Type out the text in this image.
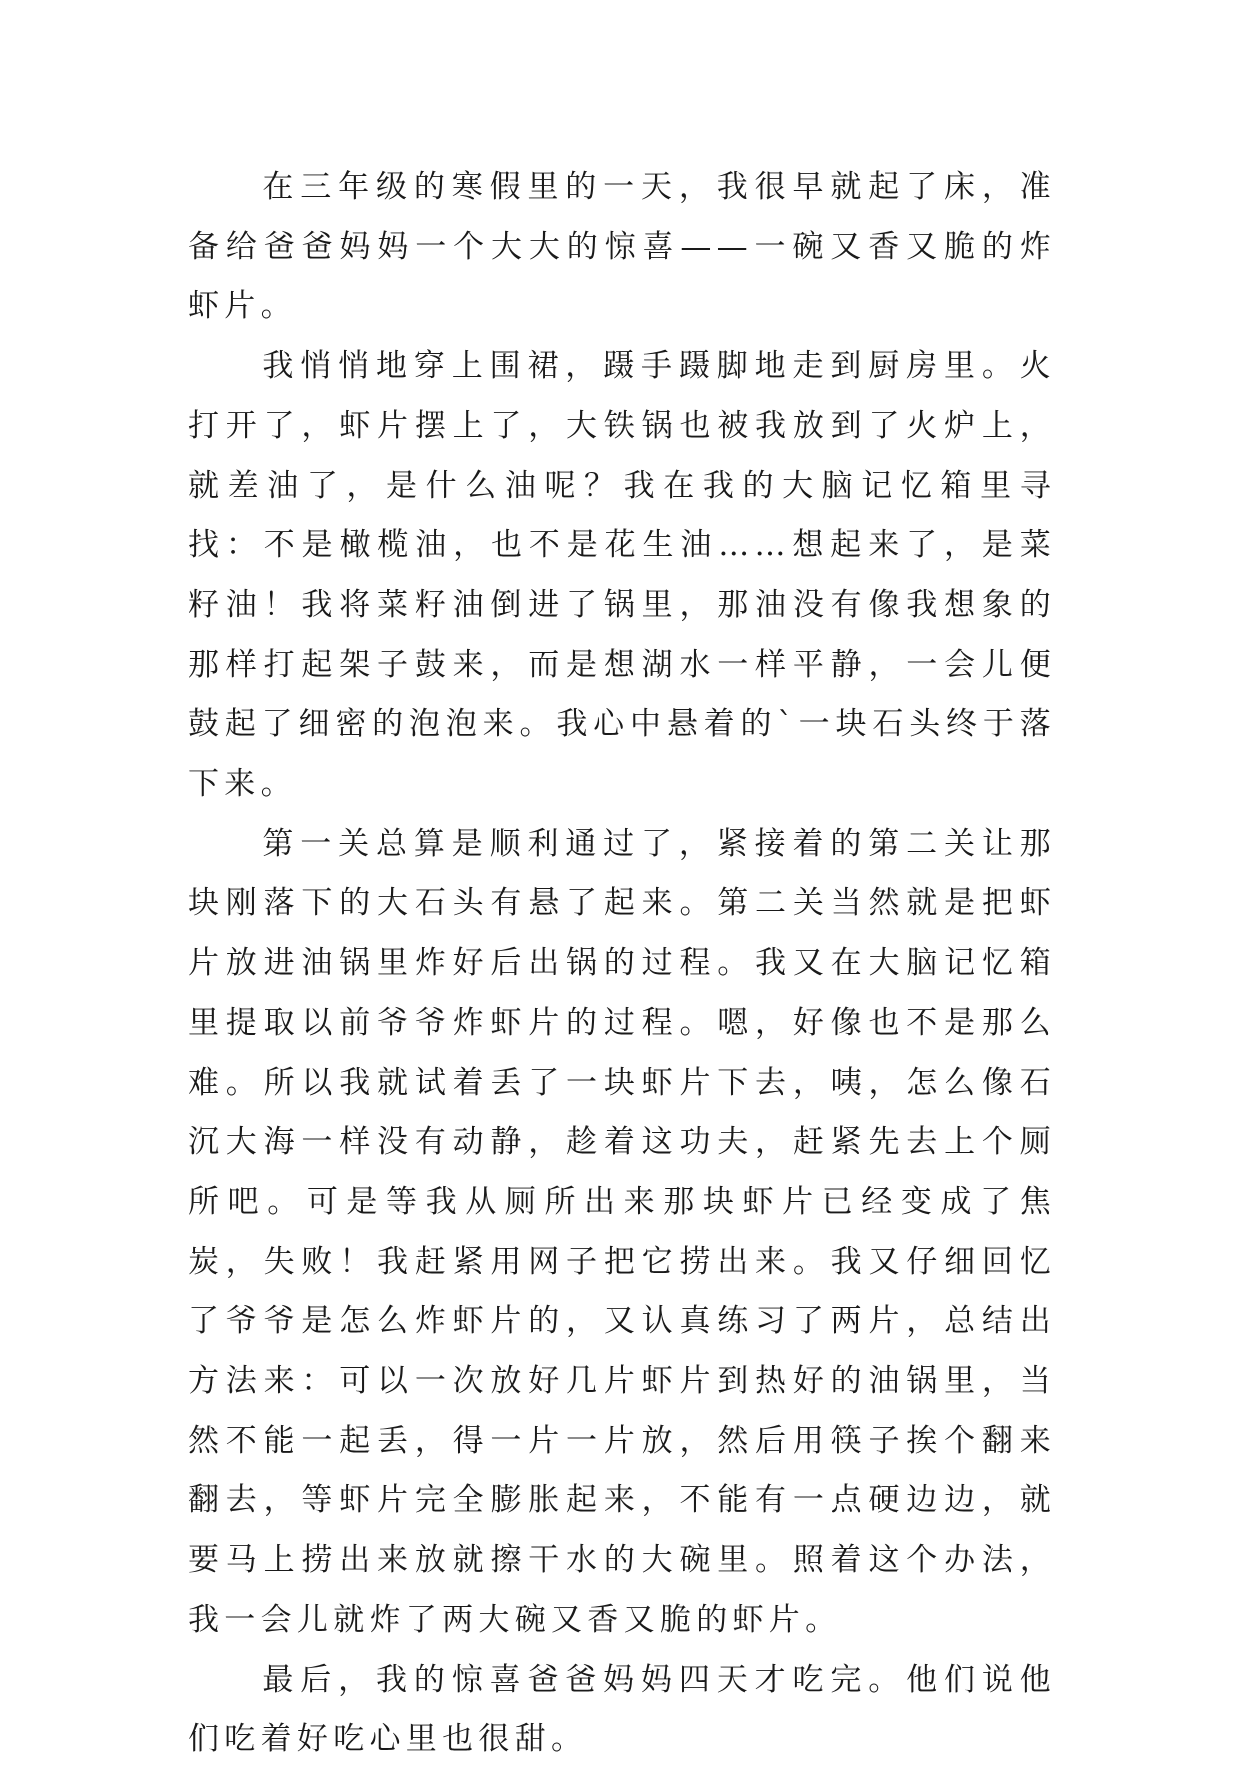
在三年级的寒假里的一天，我很早就起了床，准备给爸爸妈妈一个大大的惊喜——一碗又香又脆的炸虾片。

我悄悄地穿上围裙，蹑手蹑脚地走到厨房里。火打开了，虾片摆上了，大铁锅也被我放到了火炉上，就差油了，是什么油呢？我在我的大脑记忆箱里寻找：不是橄榄油，也不是花生油……想起来了，是菜籽油！我将菜籽油倒进了锅里，那油没有像我想象的那样打起架子鼓来，而是想湖水一样平静，一会儿便鼓起了细密的泡泡来。我心中悬着的`一块石头终于落下来。

第一关总算是顺利通过了，紧接着的第二关让那块刚落下的大石头有悬了起来。第二关当然就是把虾片放进油锅里炸好后出锅的过程。我又在大脑记忆箱里提取以前爷爷炸虾片的过程。嗯，好像也不是那么难。所以我就试着丢了一块虾片下去，咦，怎么像石沉大海一样没有动静，趁着这功夫，赶紧先去上个厕所吧。可是等我从厕所出来那块虾片已经变成了焦炭，失败！我赶紧用网子把它捞出来。我又仔细回忆了爷爷是怎么炸虾片的，又认真练习了两片，总结出方法来：可以一次放好几片虾片到热好的油锅里，当然不能一起丢，得一片一片放，然后用筷子挨个翻来翻去，等虾片完全膨胀起来，不能有一点硬边边，就要马上捞出来放就擦干水的大碗里。照着这个办法，我一会儿就炸了两大碗又香又脆的虾片。

最后，我的惊喜爸爸妈妈四天才吃完。他们说他们吃着好吃心里也很甜。
